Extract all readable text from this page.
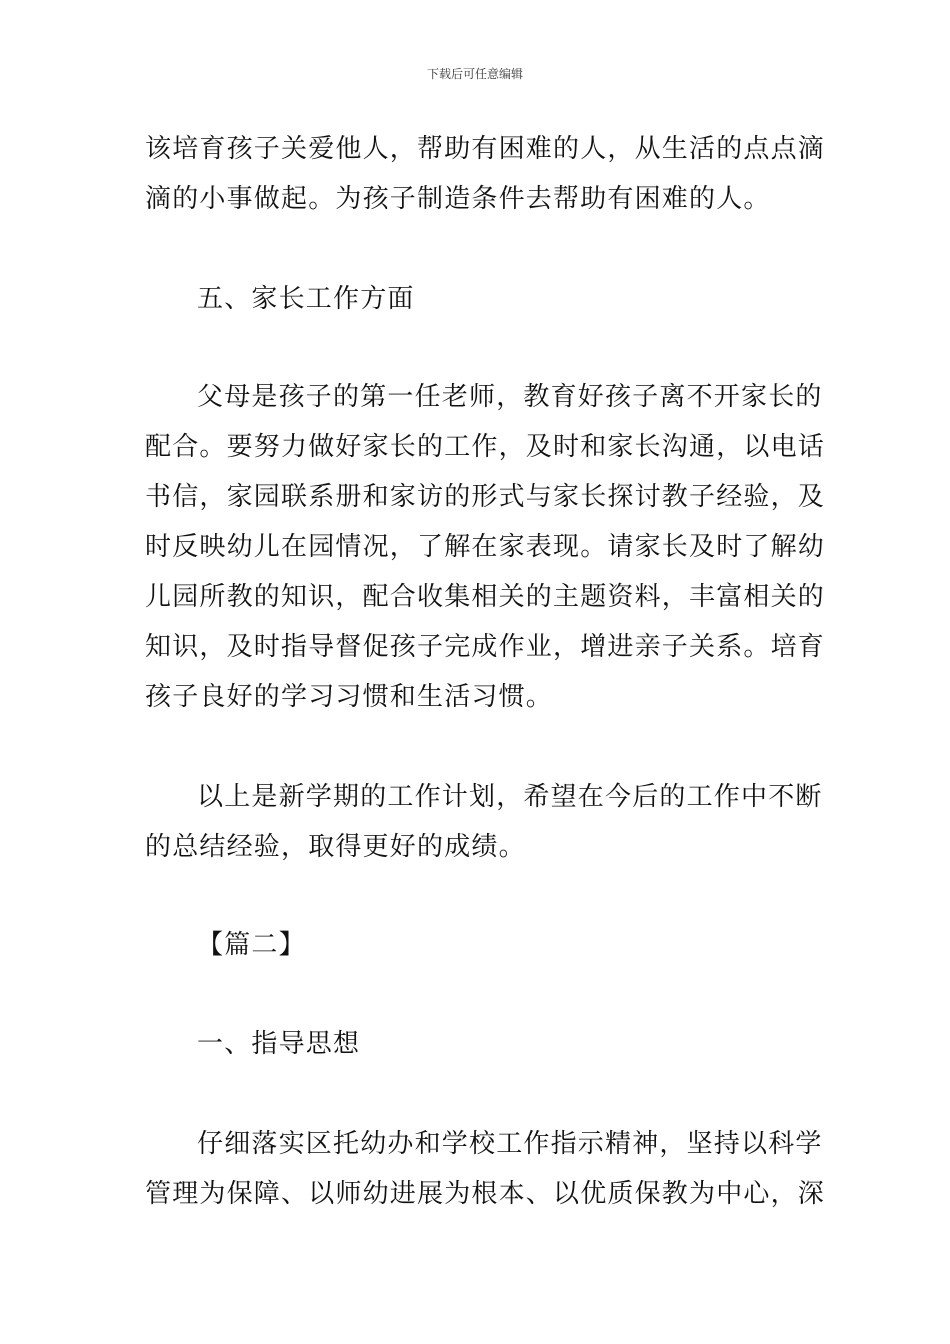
下载后可任意编辑
该培育孩子关爱他人，帮助有困难的人，从生活的点点滴
滴的小事做起。为孩子制造条件去帮助有困难的人。
五、家长工作方面
父母是孩子的第一任老师，教育好孩子离不开家长的
配合。要努力做好家长的工作，及时和家长沟通，以电话
书信，家园联系册和家访的形式与家长探讨教子经验，及
时反映幼儿在园情况，了解在家表现。请家长及时了解幼
儿园所教的知识，配合收集相关的主题资料，丰富相关的
知识，及时指导督促孩子完成作业，增进亲子关系。培育
孩子良好的学习习惯和生活习惯。
以上是新学期的工作计划，希望在今后的工作中不断
的总结经验，取得更好的成绩。
【篇二】
一、指导思想
仔细落实区托幼办和学校工作指示精神，坚持以科学
管理为保障、以师幼进展为根本、以优质保教为中心，深
